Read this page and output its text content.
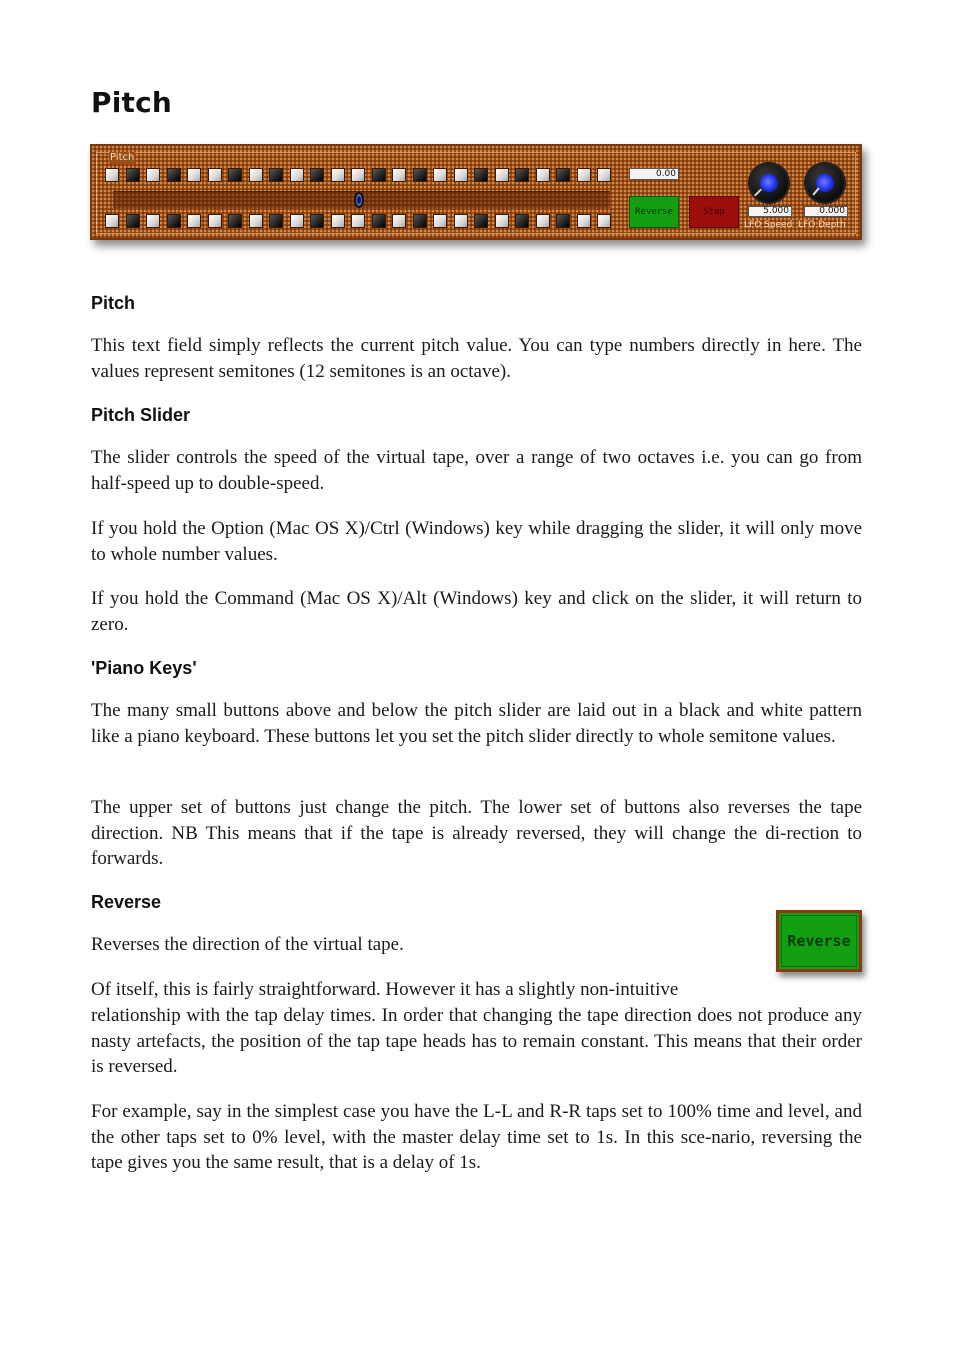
Pitch
Pitch
0.00
Reverse	Stop	5.000	0.000
LFO Speed LFO Depth
Pitch

This text field simply reflects the current pitch value. You can type numbers directly in here. The values represent semitones (12 semitones is an octave).

Pitch Slider

The slider controls the speed of the virtual tape, over a range of two octaves i.e. you can go from half-speed up to double-speed.

If you hold the Option (Mac OS X)/Ctrl (Windows) key while dragging the slider, it will only move to whole number values.

If you hold the Command (Mac OS X)/Alt (Windows) key and click on the slider, it will return to zero.

'Piano Keys'

The many small buttons above and below the pitch slider are laid out in a black and white pattern like a piano keyboard. These buttons let you set the pitch slider directly to whole semitone values.

The upper set of buttons just change the pitch. The lower set of buttons also reverses the tape direction. NB This means that if the tape is already reversed, they will change the di-rection to forwards.

Reverse
Reverse

Reverses the direction of the virtual tape.

Of itself, this is fairly straightforward. However it has a slightly non-intuitive

relationship with the tap delay times. In order that changing the tape direction does not produce any nasty artefacts, the position of the tap tape heads has to remain constant. This means that their order is reversed.

For example, say in the simplest case you have the L-L and R-R taps set to 100% time and level, and the other taps set to 0% level, with the master delay time set to 1s. In this sce-nario, reversing the tape gives you the same result, that is a delay of 1s.
